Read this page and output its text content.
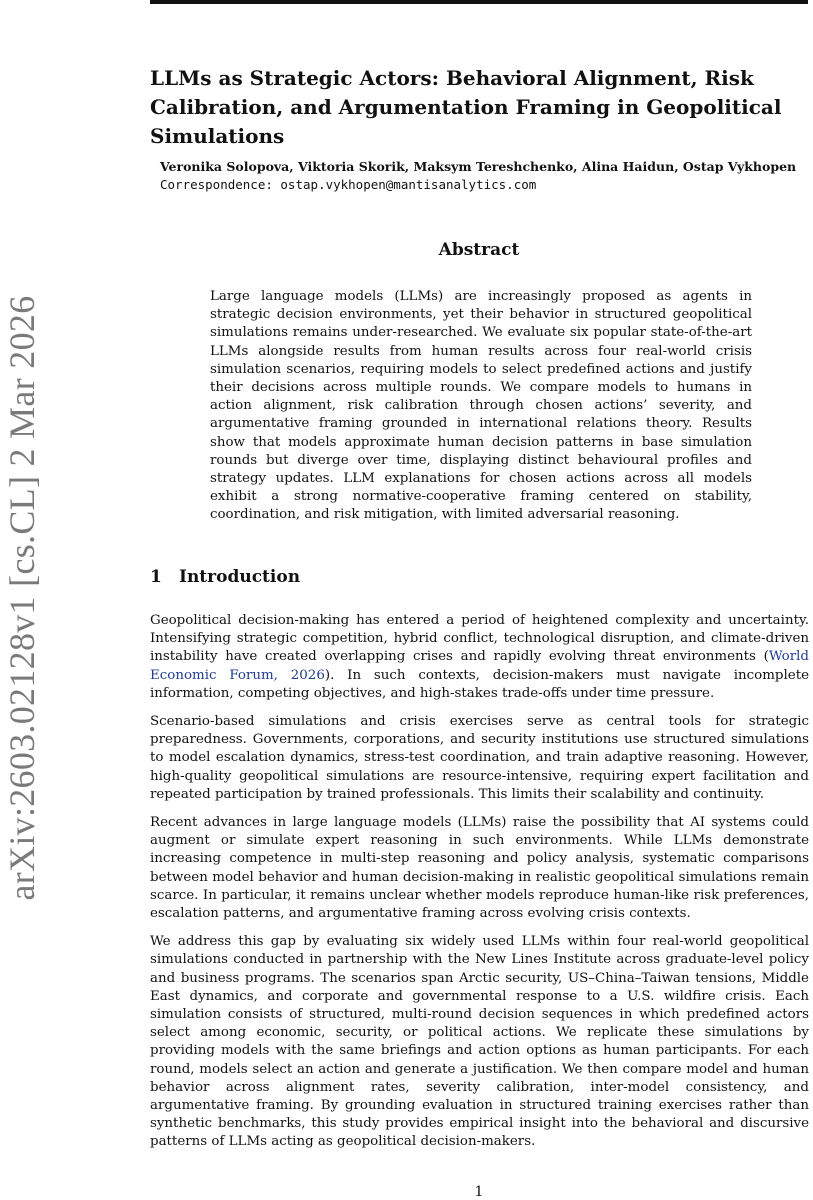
arXiv:2603.02128v1 [cs.CL] 2 Mar 2026
LLMs as Strategic Actors: Behavioral Alignment, Risk Calibration, and Argumentation Framing in Geopolitical Simulations
Veronika Solopova, Viktoria Skorik, Maksym Tereshchenko, Alina Haidun, Ostap Vykhopen
Correspondence: ostap.vykhopen@mantisanalytics.com
Abstract

Large language models (LLMs) are increasingly proposed as agents in strategic decision environments, yet their behavior in structured geopolitical simulations remains under-researched. We evaluate six popular state-of-the-art LLMs alongside results from human results across four real-world crisis simulation scenarios, requiring models to select predefined actions and justify their decisions across multiple rounds. We compare models to humans in action alignment, risk calibration through chosen actions’ severity, and argumentative framing grounded in international relations theory. Results show that models approximate human decision patterns in base simulation rounds but diverge over time, displaying distinct behavioural profiles and strategy updates. LLM explanations for chosen actions across all models exhibit a strong normative-cooperative framing centered on stability, coordination, and risk mitigation, with limited adversarial reasoning.

1 Introduction

Geopolitical decision-making has entered a period of heightened complexity and uncertainty. Intensifying strategic competition, hybrid conflict, technological disruption, and climate-driven instability have created overlapping crises and rapidly evolving threat environments (World Economic Forum, 2026). In such contexts, decision-makers must navigate incomplete information, competing objectives, and high-stakes trade-offs under time pressure.

Scenario-based simulations and crisis exercises serve as central tools for strategic preparedness. Governments, corporations, and security institutions use structured simulations to model escalation dynamics, stress-test coordination, and train adaptive reasoning. However, high-quality geopolitical simulations are resource-intensive, requiring expert facilitation and repeated participation by trained professionals. This limits their scalability and continuity.

Recent advances in large language models (LLMs) raise the possibility that AI systems could augment or simulate expert reasoning in such environments. While LLMs demonstrate increasing competence in multi-step reasoning and policy analysis, systematic comparisons between model behavior and human decision-making in realistic geopolitical simulations remain scarce. In particular, it remains unclear whether models reproduce human-like risk preferences, escalation patterns, and argumentative framing across evolving crisis contexts.

We address this gap by evaluating six widely used LLMs within four real-world geopolitical simulations conducted in partnership with the New Lines Institute across graduate-level policy and business programs. The scenarios span Arctic security, US–China–Taiwan tensions, Middle East dynamics, and corporate and governmental response to a U.S. wildfire crisis. Each simulation consists of structured, multi-round decision sequences in which predefined actors select among economic, security, or political actions. We replicate these simulations by providing models with the same briefings and action options as human participants. For each round, models select an action and generate a justification. We then compare model and human behavior across alignment rates, severity calibration, inter-model consistency, and argumentative framing. By grounding evaluation in structured training exercises rather than synthetic benchmarks, this study provides empirical insight into the behavioral and discursive patterns of LLMs acting as geopolitical decision-makers.

1
